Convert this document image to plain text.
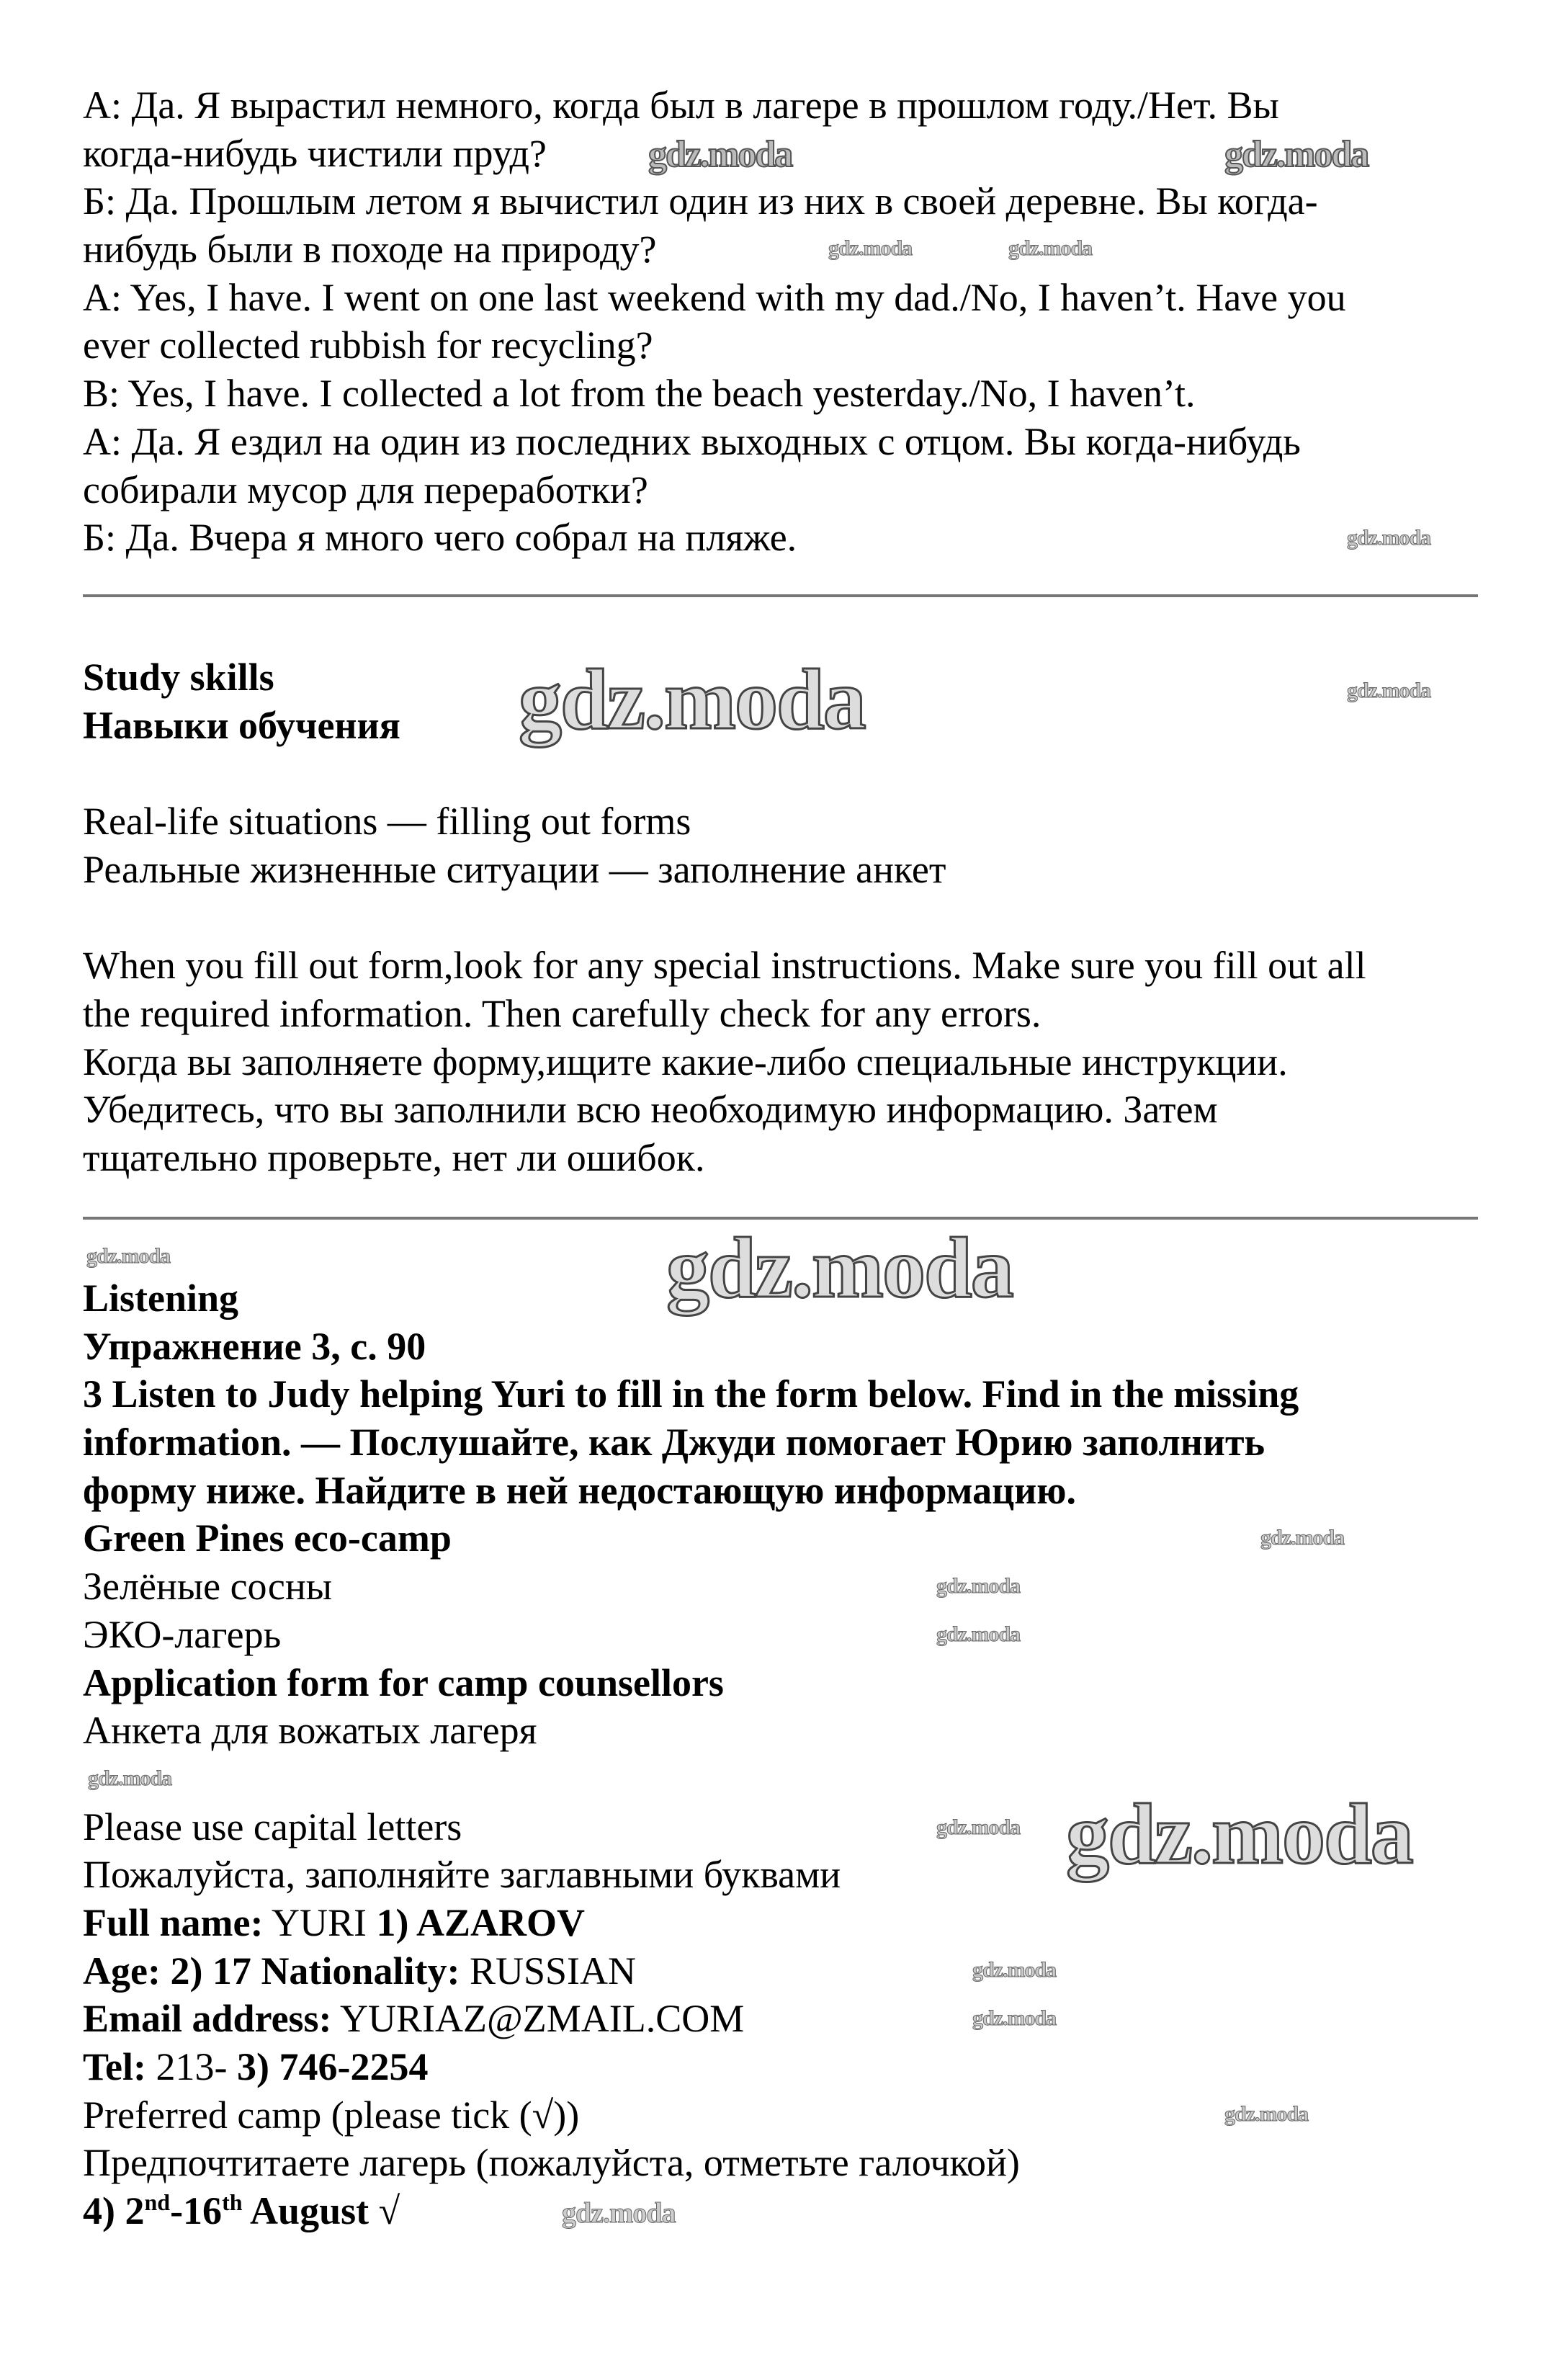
А: Да. Я вырастил немного, когда был в лагере в прошлом году./Нет. Вы
когда-нибудь чистили пруд?
Б: Да. Прошлым летом я вычистил один из них в своей деревне. Вы когда-
нибудь были в походе на природу?
A: Yes, I have. I went on one last weekend with my dad./No, I haven’t. Have you
ever collected rubbish for recycling?
B: Yes, I have. I collected a lot from the beach yesterday./No, I haven’t.
А: Да. Я ездил на один из последних выходных с отцом. Вы когда-нибудь
собирали мусор для переработки?
Б: Да. Вчера я много чего собрал на пляже.
Study skills
Навыки обучения
Real-life situations — filling out forms
Реальные жизненные ситуации — заполнение анкет
When you fill out form,look for any special instructions. Make sure you fill out all
the required information. Then carefully check for any errors.
Когда вы заполняете форму,ищите какие-либо специальные инструкции.
Убедитесь, что вы заполнили всю необходимую информацию. Затем
тщательно проверьте, нет ли ошибок.
Listening
Упражнение 3, с. 90
3 Listen to Judy helping Yuri to fill in the form below. Find in the missing
information. — Послушайте, как Джуди помогает Юрию заполнить
форму ниже. Найдите в ней недостающую информацию.
Green Pines eco-camp
Зелёные сосны
ЭКО-лагерь
Application form for camp counsellors
Анкета для вожатых лагеря
Please use capital letters
Пожалуйста, заполняйте заглавными буквами
Full name: YURI 1) AZAROV
Age: 2) 17 Nationality: RUSSIAN
Email address: YURIAZ@ZMAIL.COM
Tel: 213- 3) 746-2254
Preferred camp (please tick (√))
Предпочтитаете лагерь (пожалуйста, отметьте галочкой)
4) 2nd-16th August √
gdz.moda	gdz.moda
gdz.moda	gdz.moda
gdz.moda
gdz.moda	gdz.moda
gdz.moda	gdz.moda
gdz.moda
gdz.moda
gdz.moda
gdz.moda
gdz.moda
gdz.moda
gdz.moda
gdz.moda
gdz.moda
gdz.moda
